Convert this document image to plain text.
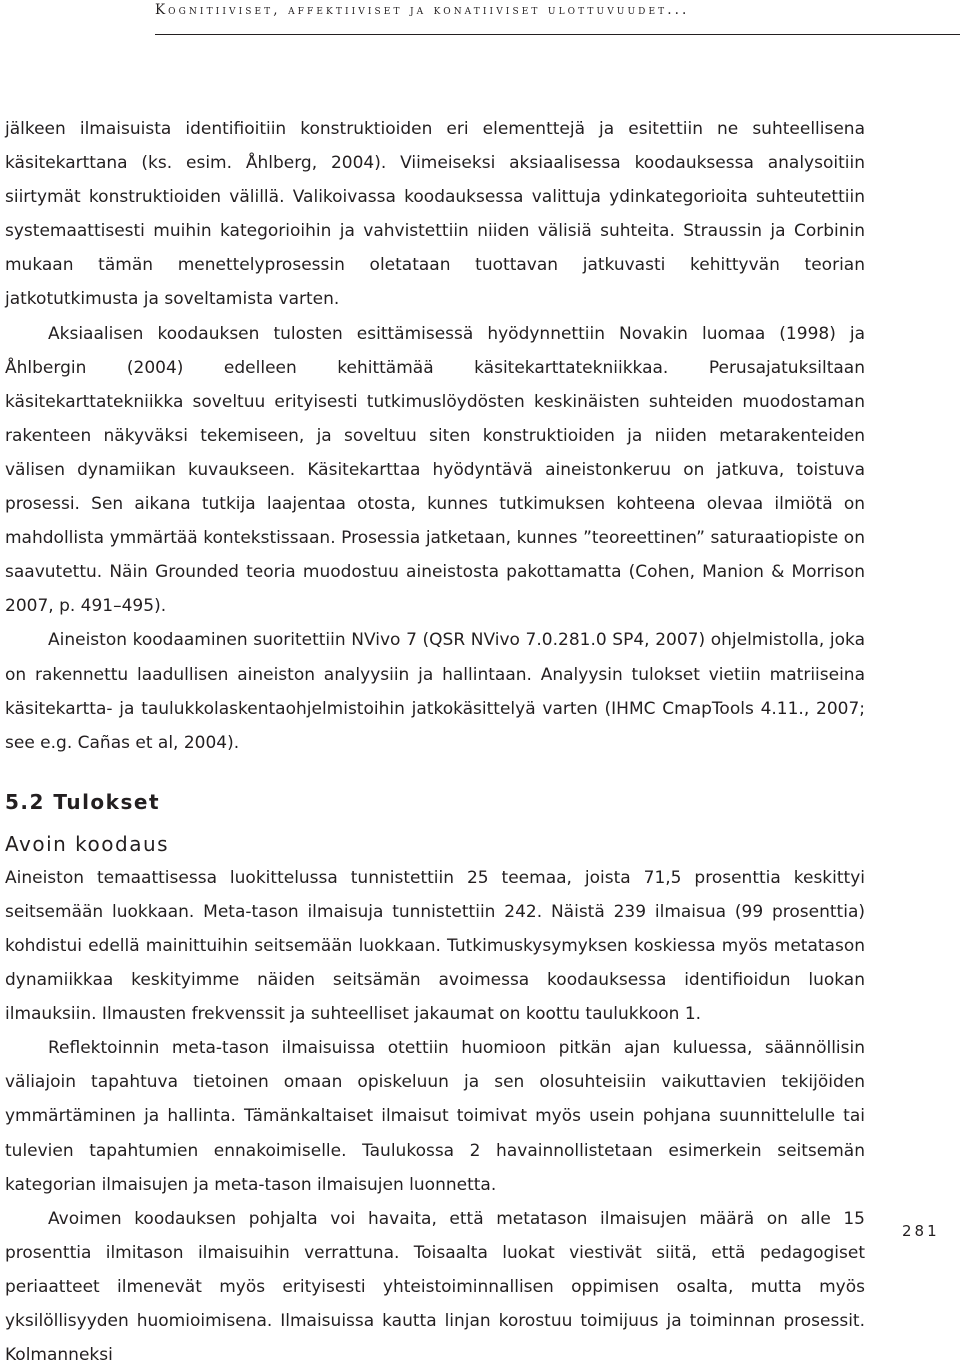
Kognitiiviset, affektiiviset ja konatiiviset ulottuvuudet...

jälkeen ilmaisuista identifioitiin konstruktioiden eri elementtejä ja esitettiin ne suhteellisena käsitekarttana (ks. esim. Åhlberg, 2004). Viimeiseksi aksiaalisessa koodauksessa analysoitiin siirtymät konstruktioiden välillä. Valikoivassa koodauksessa valittuja ydinkategorioita suhteutettiin systemaattisesti muihin kategorioihin ja vahvistettiin niiden välisiä suhteita. Straussin ja Corbinin mukaan tämän menettelyprosessin oletataan tuottavan jatkuvasti kehittyvän teorian jatkotutkimusta ja soveltamista varten.

Aksiaalisen koodauksen tulosten esittämisessä hyödynnettiin Novakin luomaa (1998) ja Åhlbergin (2004) edelleen kehittämää käsitekarttatekniikkaa. Perusajatuksiltaan käsitekarttatekniikka soveltuu erityisesti tutkimuslöydösten keskinäisten suhteiden muodostaman rakenteen näkyväksi tekemiseen, ja soveltuu siten konstruktioiden ja niiden metarakenteiden välisen dynamiikan kuvaukseen. Käsitekarttaa hyödyntävä aineistonkeruu on jatkuva, toistuva prosessi. Sen aikana tutkija laajentaa otosta, kunnes tutkimuksen kohteena olevaa ilmiötä on mahdollista ymmärtää kontekstissaan. Prosessia jatketaan, kunnes ”teoreettinen” saturaatiopiste on saavutettu. Näin Grounded teoria muodostuu aineistosta pakottamatta (Cohen, Manion & Morrison 2007, p. 491–495).

Aineiston koodaaminen suoritettiin NVivo 7 (QSR NVivo 7.0.281.0 SP4, 2007) ohjelmistolla, joka on rakennettu laadullisen aineiston analyysiin ja hallintaan. Analyysin tulokset vietiin matriiseina käsitekartta- ja taulukkolaskentaohjelmistoihin jatkokäsittelyä varten (IHMC CmapTools 4.11., 2007; see e.g. Cañas et al, 2004).

5.2 Tulokset
Avoin koodaus

Aineiston temaattisessa luokittelussa tunnistettiin 25 teemaa, joista 71,5 prosenttia keskittyi seitsemään luokkaan. Meta-tason ilmaisuja tunnistettiin 242. Näistä 239 ilmaisua (99 prosenttia) kohdistui edellä mainittuihin seitsemään luokkaan. Tutkimuskysymyksen koskiessa myös metatason dynamiikkaa keskityimme näiden seitsämän avoimessa koodauksessa identifioidun luokan ilmauksiin. Ilmausten frekvenssit ja suhteelliset jakaumat on koottu taulukkoon 1.

Reflektoinnin meta-tason ilmaisuissa otettiin huomioon pitkän ajan kuluessa, säännöllisin väliajoin tapahtuva tietoinen omaan opiskeluun ja sen olosuhteisiin vaikuttavien tekijöiden ymmärtäminen ja hallinta. Tämänkaltaiset ilmaisut toimivat myös usein pohjana suunnittelulle tai tulevien tapahtumien ennakoimiselle. Taulukossa 2 havainnollistetaan esimerkein seitsemän kategorian ilmaisujen ja meta-tason ilmaisujen luonnetta.

Avoimen koodauksen pohjalta voi havaita, että metatason ilmaisujen määrä on alle 15 prosenttia ilmitason ilmaisuihin verrattuna. Toisaalta luokat viestivät siitä, että pedagogiset periaatteet ilmenevät myös erityisesti yhteistoiminnallisen oppimisen osalta, mutta myös yksilöllisyyden huomioimisena. Ilmaisuissa kautta linjan korostuu toimijuus ja toiminnan prosessit. Kolmanneksi

281
